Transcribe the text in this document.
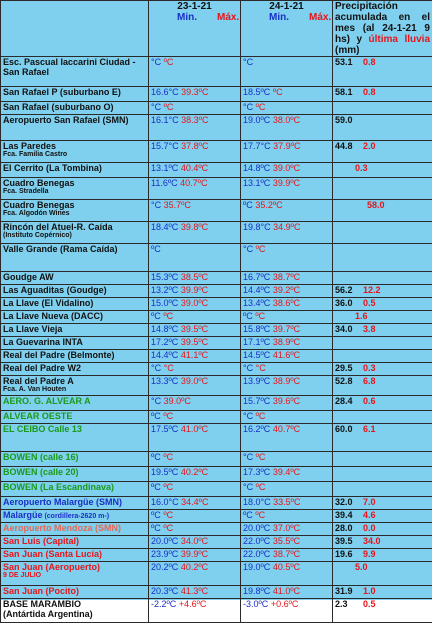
	23-1-21
Min. Máx.	24-1-21
Min. Máx.	Precipitación acumulada en el mes (al 24-1-21 9 hs) y última lluvia (mm)

Esc. Pascual Iaccarini Ciudad - San Rafael	°C ºC	°C	53.1 0.8
San Rafael P (suburbano E)	16.6°C 39.3ºC	18.5ºC ºC	58.1 0.8
San Rafael (suburbano O)	°C ºC	°C ºC	
Aeropuerto San Rafael (SMN)	16.1°C 38.3ºC	19.0ºC 38.0ºC	59.0
Las Paredes
Fca. Familia Castro	15.7°C 37.8ºC	17.7°C 37.9ºC	44.8 2.0
El Cerrito (La Tombina)	13.1ºC 40.4ºC	14.8ºC 39.0ºC	0.3
Cuadro Benegas
Fca. Stradella	11.6ºC 40.7ºC	13.1ºC 39.9ºC	
Cuadro Benegas
Fca. Algodón Wines	°C 35.7ºC	ºC 35.2ºC	58.0
Rincón del Atuel-R. Caída
(Instituto Copérnico)	18.4ºC 39.8ºC	19.8°C 34.9ºC	
Valle Grande (Rama Caída)	ºC	°C ºC	
Goudge AW	15.3ºC 38.5ºC	16.7ºC 38.7ºC	
Las Aguaditas (Goudge)	13.2ºC 39.9ºC	14.4ºC 39.2ºC	56.2 12.2
La Llave (El Vidalino)	15.0ºC 39.0ºC	13.4ºC 38.6ºC	36.0 0.5
La Llave Nueva (DACC)	ºC ºC	ºC ºC	1.6
La Llave Vieja	14.8ºC 39.5ºC	15.8ºC 39.7ºC	34.0 3.8
La Guevarina INTA	17.2ºC 39.5ºC	17.1ºC 38.9ºC	
Real del Padre (Belmonte)	14.4ºC 41.1ºC	14.5ºC 41.6ºC	
Real del Padre W2	°C °C	°C °C	29.5 0.3
Real del Padre A
Fca. A. Van Houten	13.3ºC 39.0ºC	13.9ºC 38.9ºC	52.8 6.8
AERO. G. ALVEAR A	°C 39.0ºC	15.7ºC 39.6ºC	28.4 0.6
ALVEAR OESTE	ºC ºC	°C ºC	
EL CEIBO Calle 13	17.5ºC 41.0ºC	16.2ºC 40.7ºC	60.0 6.1
BOWEN (calle 16)	ºC ºC	°C ºC	
BOWEN (calle 20)	19.5ºC 40.2ºC	17.3ºC 39.4ºC	
BOWEN (La Escandinava)	ºC ºC	°C ºC	
Aeropuerto Malargüe (SMN)	16.0°C 34.4ºC	18.0°C 33.5ºC	32.0 7.0
Malargüe (cordillera-2620 m-)	ºC ºC	ºC ºC	39.4 4.6
Aeropuerto Mendoza (SMN)	ºC ºC	20.0ºC 37.0ºC	28.0 0.0
San Luis (Capital)	20.0ºC 34.0ºC	22.0ºC 35.5ºC	39.5 34.0
San Juan (Santa Lucía)	23.9ºC 39.9ºC	22.0ºC 38.7ºC	19.6 9.9
San Juan (Aeropuerto)
9 DE JULIO	20.2ºC 40.2ºC	19.0ºC 40.5ºC	5.0
San Juan (Pocito)	20.3ºC 41.3ºC	19.8ºC 41.0ºC	31.9 1.0
BASE MARAMBIO
(Antártida Argentina)	-2.2ºC +4.6ºC	-3.0ºC +0.6ºC	2.3 0.5
